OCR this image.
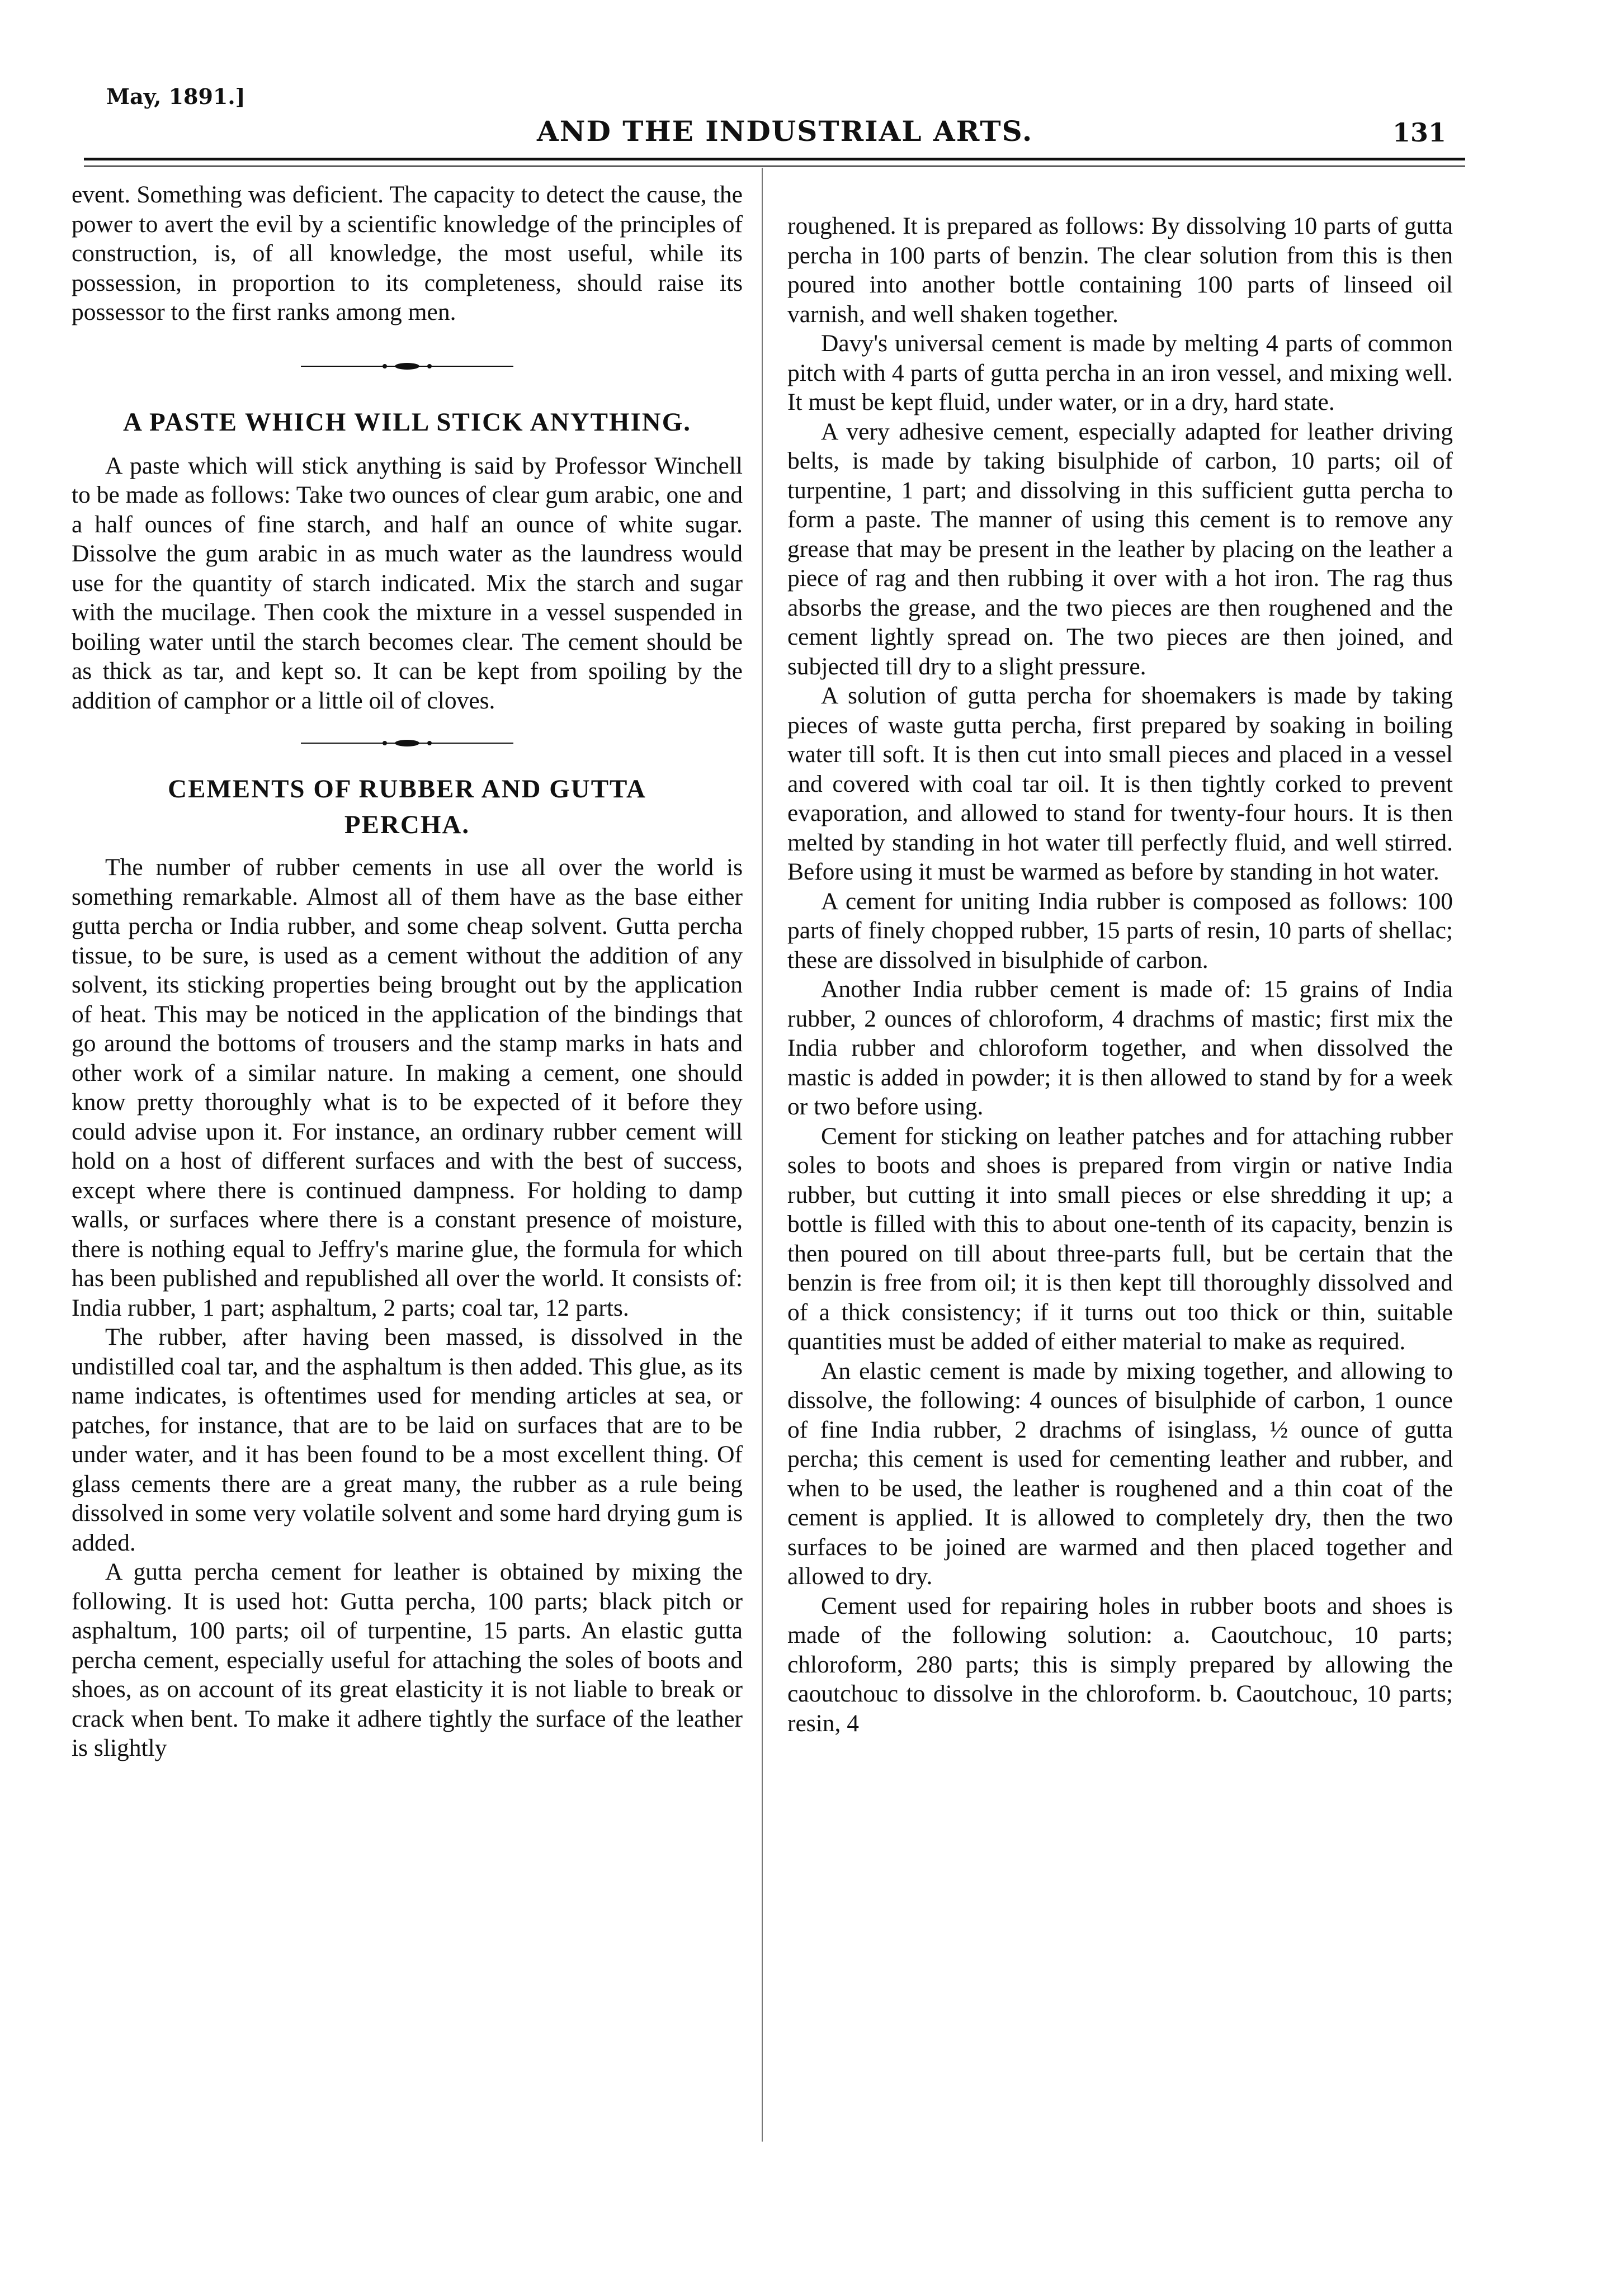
May, 1891.]
AND THE INDUSTRIAL ARTS.	131

event. Something was deficient. The capacity to detect the cause, the power to avert the evil by a scientific knowledge of the principles of construction, is, of all knowledge, the most useful, while its possession, in proportion to its completeness, should raise its possessor to the first ranks among men.

A PASTE WHICH WILL STICK ANYTHING.

A paste which will stick anything is said by Professor Winchell to be made as follows: Take two ounces of clear gum arabic, one and a half ounces of fine starch, and half an ounce of white sugar. Dissolve the gum arabic in as much water as the laundress would use for the quantity of starch indicated. Mix the starch and sugar with the mucilage. Then cook the mixture in a vessel suspended in boiling water until the starch becomes clear. The cement should be as thick as tar, and kept so. It can be kept from spoiling by the addition of camphor or a little oil of cloves.

CEMENTS OF RUBBER AND GUTTA
PERCHA.

The number of rubber cements in use all over the world is something remarkable. Almost all of them have as the base either gutta percha or India rubber, and some cheap solvent. Gutta percha tissue, to be sure, is used as a cement without the addition of any solvent, its sticking properties being brought out by the application of heat. This may be noticed in the application of the bindings that go around the bottoms of trousers and the stamp marks in hats and other work of a similar nature. In making a cement, one should know pretty thoroughly what is to be expected of it before they could advise upon it. For instance, an ordinary rubber cement will hold on a host of different surfaces and with the best of success, except where there is continued dampness. For holding to damp walls, or surfaces where there is a constant presence of moisture, there is nothing equal to Jeffry's marine glue, the formula for which has been published and republished all over the world. It consists of: India rubber, 1 part; asphaltum, 2 parts; coal tar, 12 parts.

The rubber, after having been massed, is dissolved in the undistilled coal tar, and the asphaltum is then added. This glue, as its name indicates, is oftentimes used for mending articles at sea, or patches, for instance, that are to be laid on surfaces that are to be under water, and it has been found to be a most excellent thing. Of glass cements there are a great many, the rubber as a rule being dissolved in some very volatile solvent and some hard drying gum is added.

A gutta percha cement for leather is obtained by mixing the following. It is used hot: Gutta percha, 100 parts; black pitch or asphaltum, 100 parts; oil of turpentine, 15 parts. An elastic gutta percha cement, especially useful for attaching the soles of boots and shoes, as on account of its great elasticity it is not liable to break or crack when bent. To make it adhere tightly the surface of the leather is slightly

roughened. It is prepared as follows: By dissolving 10 parts of gutta percha in 100 parts of benzin. The clear solution from this is then poured into another bottle containing 100 parts of linseed oil varnish, and well shaken together.

Davy's universal cement is made by melting 4 parts of common pitch with 4 parts of gutta percha in an iron vessel, and mixing well. It must be kept fluid, under water, or in a dry, hard state.

A very adhesive cement, especially adapted for leather driving belts, is made by taking bisulphide of carbon, 10 parts; oil of turpentine, 1 part; and dissolving in this sufficient gutta percha to form a paste. The manner of using this cement is to remove any grease that may be present in the leather by placing on the leather a piece of rag and then rubbing it over with a hot iron. The rag thus absorbs the grease, and the two pieces are then roughened and the cement lightly spread on. The two pieces are then joined, and subjected till dry to a slight pressure.

A solution of gutta percha for shoemakers is made by taking pieces of waste gutta percha, first prepared by soaking in boiling water till soft. It is then cut into small pieces and placed in a vessel and covered with coal tar oil. It is then tightly corked to prevent evaporation, and allowed to stand for twenty-four hours. It is then melted by standing in hot water till perfectly fluid, and well stirred. Before using it must be warmed as before by standing in hot water.

A cement for uniting India rubber is composed as follows: 100 parts of finely chopped rubber, 15 parts of resin, 10 parts of shellac; these are dissolved in bisulphide of carbon.

Another India rubber cement is made of: 15 grains of India rubber, 2 ounces of chloroform, 4 drachms of mastic; first mix the India rubber and chloroform together, and when dissolved the mastic is added in powder; it is then allowed to stand by for a week or two before using.

Cement for sticking on leather patches and for attaching rubber soles to boots and shoes is prepared from virgin or native India rubber, but cutting it into small pieces or else shredding it up; a bottle is filled with this to about one-tenth of its capacity, benzin is then poured on till about three-parts full, but be certain that the benzin is free from oil; it is then kept till thoroughly dissolved and of a thick consistency; if it turns out too thick or thin, suitable quantities must be added of either material to make as required.

An elastic cement is made by mixing together, and allowing to dissolve, the following: 4 ounces of bisulphide of carbon, 1 ounce of fine India rubber, 2 drachms of isinglass, ½ ounce of gutta percha; this cement is used for cementing leather and rubber, and when to be used, the leather is roughened and a thin coat of the cement is applied. It is allowed to completely dry, then the two surfaces to be joined are warmed and then placed together and allowed to dry.

Cement used for repairing holes in rubber boots and shoes is made of the following solution: a. Caoutchouc, 10 parts; chloroform, 280 parts; this is simply prepared by allowing the caoutchouc to dissolve in the chloroform. b. Caoutchouc, 10 parts; resin, 4
